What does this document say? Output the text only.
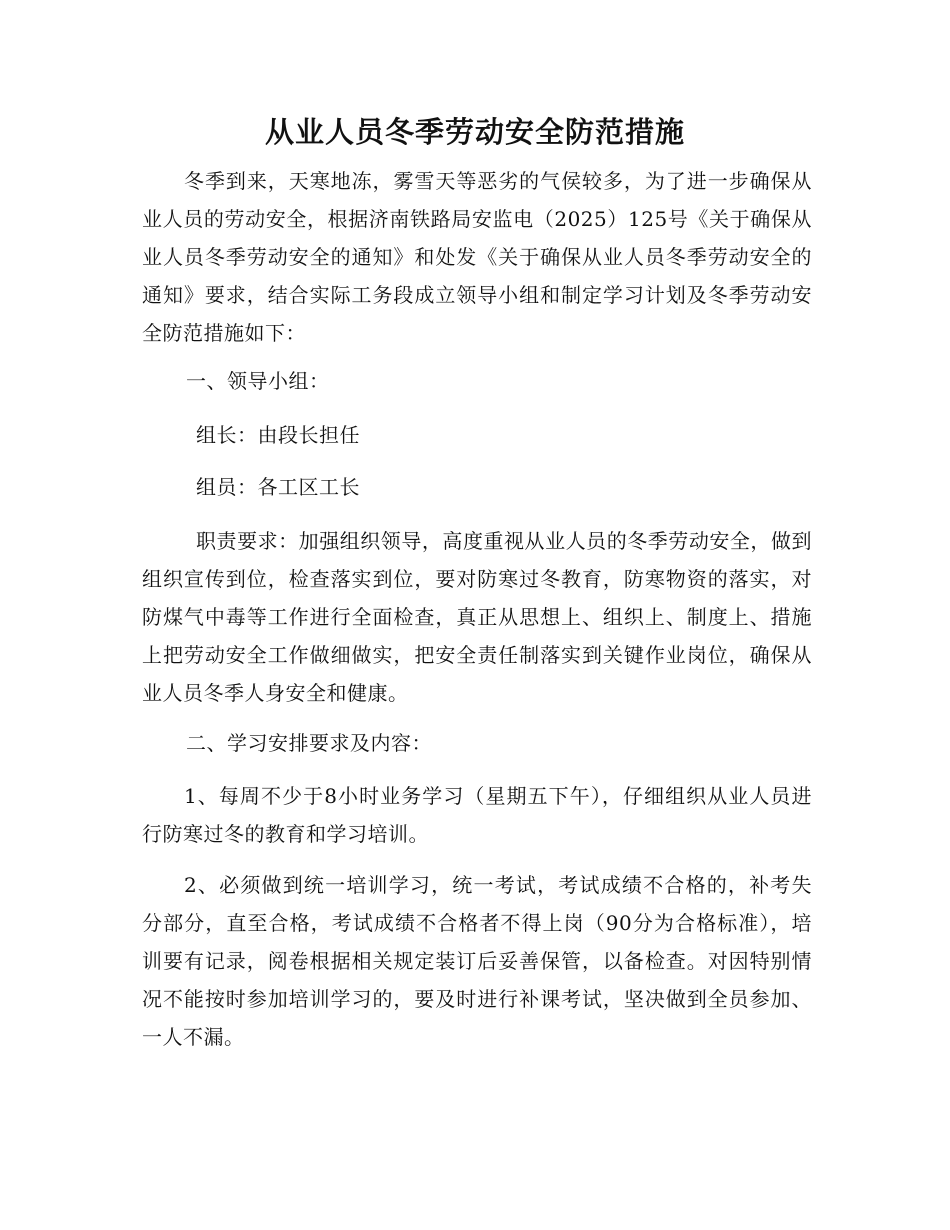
从业人员冬季劳动安全防范措施

冬季到来，天寒地冻，雾雪天等恶劣的气侯较多，为了进一步确保从业人员的劳动安全，根据济南铁路局安监电（2025）125号《关于确保从业人员冬季劳动安全的通知》和处发《关于确保从业人员冬季劳动安全的通知》要求，结合实际工务段成立领导小组和制定学习计划及冬季劳动安全防范措施如下：

一、领导小组：

组长：由段长担任

组员：各工区工长

职责要求：加强组织领导，高度重视从业人员的冬季劳动安全，做到组织宣传到位，检查落实到位，要对防寒过冬教育，防寒物资的落实，对防煤气中毒等工作进行全面检查，真正从思想上、组织上、制度上、措施上把劳动安全工作做细做实，把安全责任制落实到关键作业岗位，确保从业人员冬季人身安全和健康。

二、学习安排要求及内容：

1、每周不少于8小时业务学习（星期五下午），仔细组织从业人员进行防寒过冬的教育和学习培训。

2、必须做到统一培训学习，统一考试，考试成绩不合格的，补考失分部分，直至合格，考试成绩不合格者不得上岗（90分为合格标准），培训要有记录，阅卷根据相关规定装订后妥善保管，以备检查。对因特别情况不能按时参加培训学习的，要及时进行补课考试，坚决做到全员参加、一人不漏。
